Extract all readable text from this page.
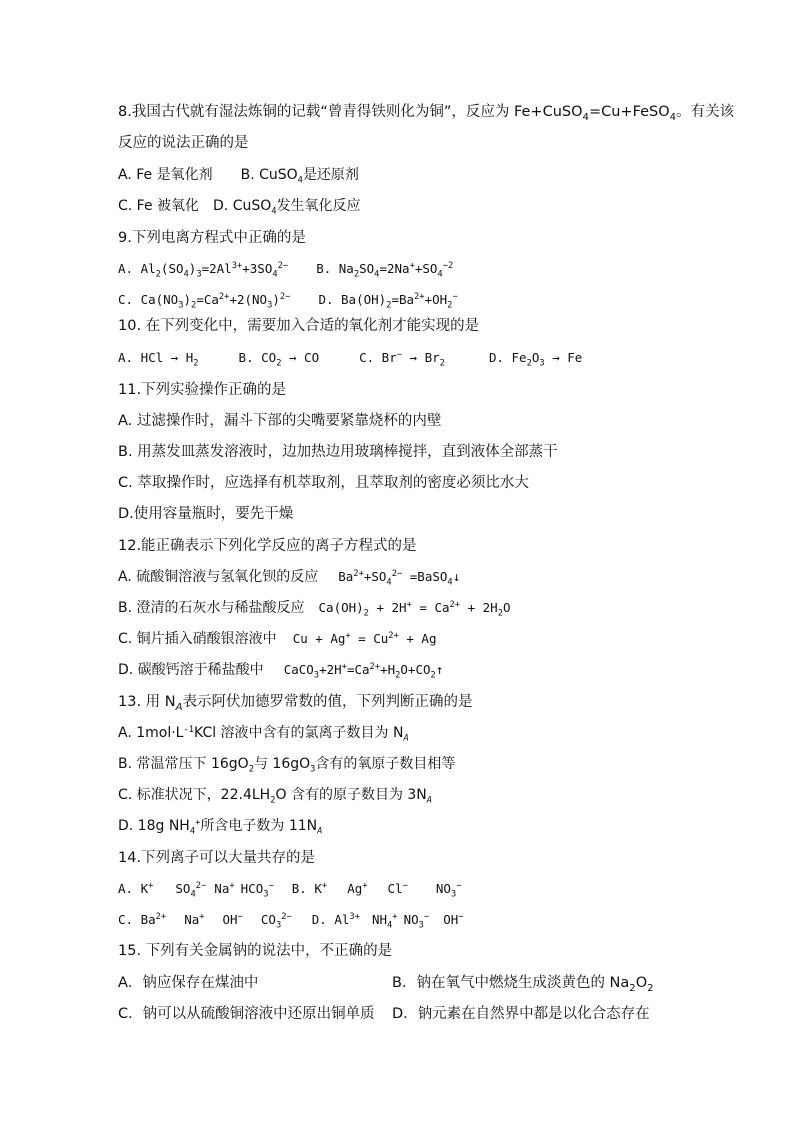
8.我国古代就有湿法炼铜的记载“曾青得铁则化为铜”，反应为 Fe+CuSO$_4$=Cu+FeSO$_4$。有关该
反应的说法正确的是
A. Fe 是氧化剂 B. CuSO$_4$是还原剂
C. Fe 被氧化 D. CuSO$_4$发生氧化反应
9.下列电离方程式中正确的是
A. $Al_2(SO_4)_3=2Al^{3+}+3SO_4^{2-}$ B. $Na_2SO_4=2Na^++SO_4^{-2}$
C. $Ca(NO_3)_2=Ca^{2+}+2(NO_3)^{2-}$ D. $Ba(OH)_2=Ba^{2+}+OH_2^-$
10. 在下列变化中，需要加入合适的氧化剂才能实现的是
A. HCl → $H_2$	B. $CO_2$ → CO	C. $Br^- \to Br_2$	D. $Fe_2O_3 \to Fe$
11.下列实验操作正确的是
A. 过滤操作时，漏斗下部的尖嘴要紧靠烧杯的内壁
B. 用蒸发皿蒸发溶液时，边加热边用玻璃棒搅拌，直到液体全部蒸干
C. 萃取操作时，应选择有机萃取剂，且萃取剂的密度必须比水大
D.使用容量瓶时，要先干燥
12.能正确表示下列化学反应的离子方程式的是
A. 硫酸铜溶液与氢氧化钡的反应 $Ba^{2+}+SO_4^{2-}$ =BaSO$_4$↓
B. 澄清的石灰水与稀盐酸反应 $Ca(OH)_2 + 2H^+ = Ca^{2+} + 2H_2O$
C. 铜片插入硝酸银溶液中 $Cu + Ag^+ = Cu^{2+} + Ag$
D. 碳酸钙溶于稀盐酸中 $CaCO_3+2H^+=Ca^{2+}+H_2O+CO_2↑$
13. 用 $N_A$表示阿伏加德罗常数的值，下列判断正确的是
A. $1mol\cdot L^{-1}KCl$ 溶液中含有的氯离子数目为 $N_A$
B. 常温常压下 $16gO_2$与 $16gO_3$含有的氧原子数目相等
C. 标准状况下，$22.4LH_2O$ 含有的原子数目为 $3N_A$
D. 18g $NH_4^+$所含电子数为 $11N_A$
14.下列离子可以大量共存的是
A. K+ $SO_4^{2-}$ Na+ $HCO_3^-$ B. K+ Ag+ Cl− $NO_3^-$
C. $Ba^{2+}$ Na+ OH− $CO_3^{2-}$ D. $Al^{3+}$ $NH_4^+$ $NO_3^-$ OH−
15. 下列有关金属钠的说法中，不正确的是
A．钠应保存在煤油中	B．钠在氧气中燃烧生成淡黄色的 $Na_2O_2$
C．钠可以从硫酸铜溶液中还原出铜单质 D．钠元素在自然界中都是以化合态存在
